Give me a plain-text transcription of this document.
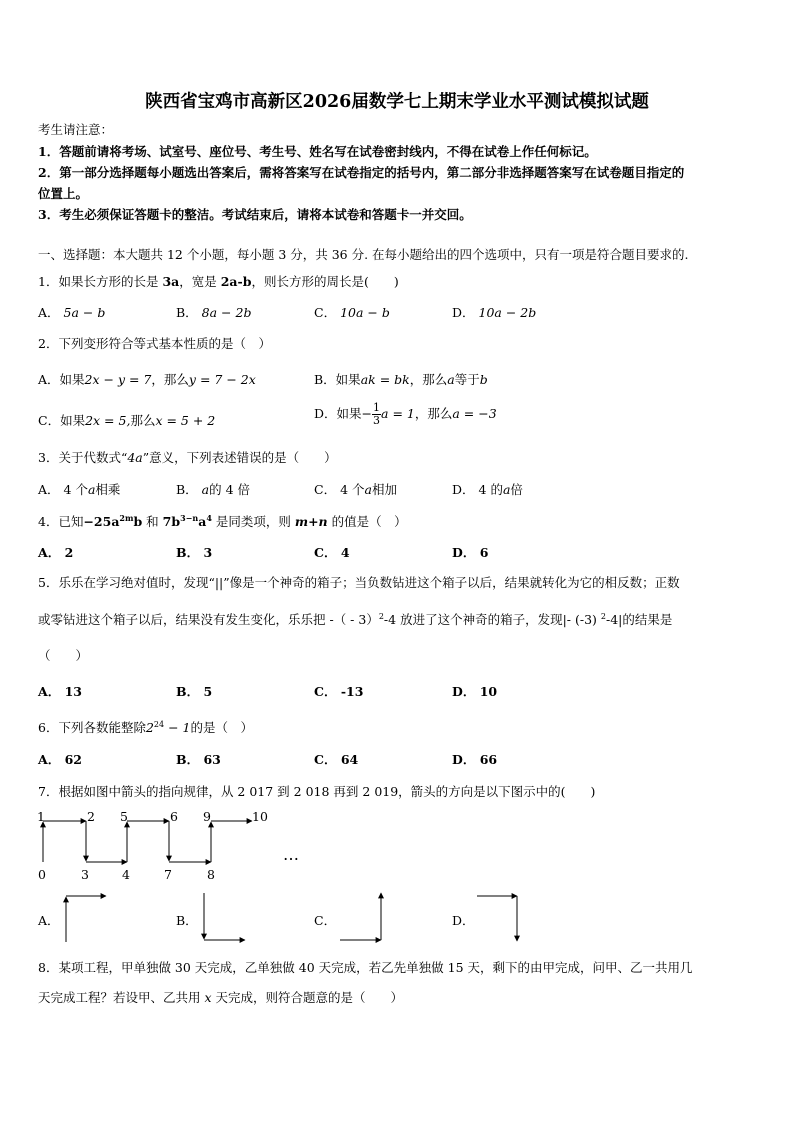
陕西省宝鸡市高新区2026届数学七上期末学业水平测试模拟试题
考生请注意：
1．答题前请将考场、试室号、座位号、考生号、姓名写在试卷密封线内，不得在试卷上作任何标记。
2．第一部分选择题每小题选出答案后，需将答案写在试卷指定的括号内，第二部分非选择题答案写在试卷题目指定的
位置上。
3．考生必须保证答题卡的整洁。考试结束后，请将本试卷和答题卡一并交回。
一、选择题：本大题共 12 个小题，每小题 3 分，共 36 分. 在每小题给出的四个选项中，只有一项是符合题目要求的.
1．如果长方形的长是 3a，宽是 2a-b，则长方形的周长是(　　)
A． 5a − b	B． 8a − 2b	C． 10a − b	D． 10a − 2b
2．下列变形符合等式基本性质的是（　）
A．如果2x − y = 7，那么y = 7 − 2x	B．如果ak = bk，那么a等于b
C．如果2x = 5,那么x = 5 + 2	D．如果− $\frac{1}{3}$ a = 1，那么a = −3
3．关于代数式“4a”意义，下列表述错误的是（　　）
A． 4 个a相乘	B． a的 4 倍	C． 4 个a相加	D． 4 的a倍
4．已知$-25a^{2m}b$ 和 $7b^{3-n}a^4$ 是同类项，则 m+n 的值是（　）
A． 2	B． 3	C． 4	D． 6
5．乐乐在学习绝对值时，发现“||”像是一个神奇的箱子；当负数钻进这个箱子以后，结果就转化为它的相反数；正数
或零钻进这个箱子以后，结果没有发生变化，乐乐把 -（ - 3）$^2$-4 放进了这个神奇的箱子，发现|- (-3) $^2$-4|的结果是
（　　）
A． 13	B． 5	C． -13	D． 10
6．下列各数能整除$2^{24} - 1$的是（　）
A． 62	B． 63	C． 64	D． 66
7．根据如图中箭头的指向规律，从 2 017 到 2 018 再到 2 019，箭头的方向是以下图示中的(　　)
1	2 5	6 9	10
0	3	4	7	8
…
A．	B．	C．	D．
8．某项工程，甲单独做 30 天完成，乙单独做 40 天完成，若乙先单独做 15 天，剩下的由甲完成，问甲、乙一共用几
天完成工程？若设甲、乙共用 x 天完成，则符合题意的是（　　）
